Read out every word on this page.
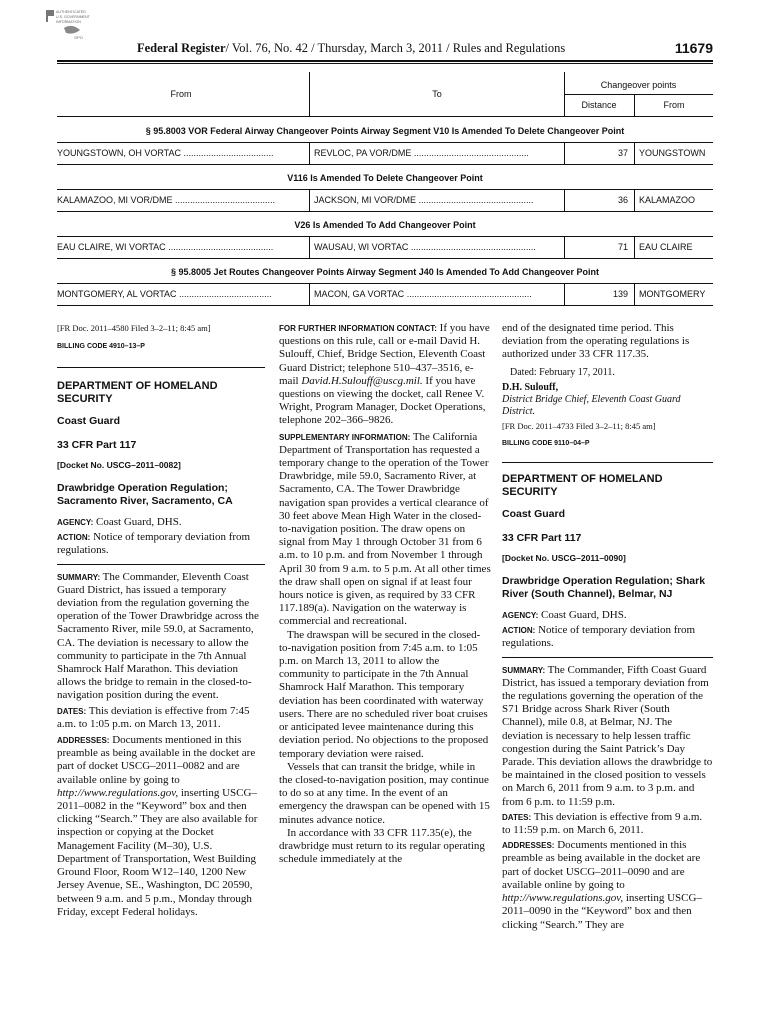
AUTHENTICATED
U.S. GOVERNMENT
INFORMATION
GPO
Federal Register/ Vol. 76, No. 42 / Thursday, March 3, 2011 / Rules and Regulations	11679
From	To
Changeover points
Distance	From
§ 95.8003 VOR Federal Airway Changeover Points Airway Segment V10 Is Amended To Delete Changeover Point
YOUNGSTOWN, OH VORTAC ....................................	REVLOC, PA VOR/DME ..............................................	37 YOUNGSTOWN
V116 Is Amended To Delete Changeover Point
KALAMAZOO, MI VOR/DME ........................................	JACKSON, MI VOR/DME ..............................................	36 KALAMAZOO
V26 Is Amended To Add Changeover Point
EAU CLAIRE, WI VORTAC ..........................................	WAUSAU, WI VORTAC ..................................................	71 EAU CLAIRE
§ 95.8005 Jet Routes Changeover Points Airway Segment J40 Is Amended To Add Changeover Point
MONTGOMERY, AL VORTAC .....................................	MACON, GA VORTAC ..................................................	139 MONTGOMERY

[FR Doc. 2011–4580 Filed 3–2–11; 8:45 am]

BILLING CODE 4910–13–P

DEPARTMENT OF HOMELAND SECURITY

Coast Guard

33 CFR Part 117

[Docket No. USCG–2011–0082]

Drawbridge Operation Regulation; Sacramento River, Sacramento, CA

AGENCY: Coast Guard, DHS.

ACTION: Notice of temporary deviation from regulations.

SUMMARY: The Commander, Eleventh Coast Guard District, has issued a temporary deviation from the regulation governing the operation of the Tower Drawbridge across the Sacramento River, mile 59.0, at Sacramento, CA. The deviation is necessary to allow the community to participate in the 7th Annual Shamrock Half Marathon. This deviation allows the bridge to remain in the closed-to-navigation position during the event.

DATES: This deviation is effective from 7:45 a.m. to 1:05 p.m. on March 13, 2011.

ADDRESSES: Documents mentioned in this preamble as being available in the docket are part of docket USCG–2011–0082 and are available online by going to http://www.regulations.gov, inserting USCG–2011–0082 in the “Keyword” box and then clicking “Search.” They are also available for inspection or copying at the Docket Management Facility (M–30), U.S. Department of Transportation, West Building Ground Floor, Room W12–140, 1200 New Jersey Avenue, SE., Washington, DC 20590, between 9 a.m. and 5 p.m., Monday through Friday, except Federal holidays.

FOR FURTHER INFORMATION CONTACT: If you have questions on this rule, call or e-mail David H. Sulouff, Chief, Bridge Section, Eleventh Coast Guard District; telephone 510–437–3516, e-mail David.H.Sulouff@uscg.mil. If you have questions on viewing the docket, call Renee V. Wright, Program Manager, Docket Operations, telephone 202–366–9826.

SUPPLEMENTARY INFORMATION: The California Department of Transportation has requested a temporary change to the operation of the Tower Drawbridge, mile 59.0, Sacramento River, at Sacramento, CA. The Tower Drawbridge navigation span provides a vertical clearance of 30 feet above Mean High Water in the closed-to-navigation position. The draw opens on signal from May 1 through October 31 from 6 a.m. to 10 p.m. and from November 1 through April 30 from 9 a.m. to 5 p.m. At all other times the draw shall open on signal if at least four hours notice is given, as required by 33 CFR 117.189(a). Navigation on the waterway is commercial and recreational.

The drawspan will be secured in the closed-to-navigation position from 7:45 a.m. to 1:05 p.m. on March 13, 2011 to allow the community to participate in the 7th Annual Shamrock Half Marathon. This temporary deviation has been coordinated with waterway users. There are no scheduled river boat cruises or anticipated levee maintenance during this deviation period. No objections to the proposed temporary deviation were raised.

Vessels that can transit the bridge, while in the closed-to-navigation position, may continue to do so at any time. In the event of an emergency the drawspan can be opened with 15 minutes advance notice.

In accordance with 33 CFR 117.35(e), the drawbridge must return to its regular operating schedule immediately at the

end of the designated time period. This deviation from the operating regulations is authorized under 33 CFR 117.35.

Dated: February 17, 2011.

D.H. Sulouff,

District Bridge Chief, Eleventh Coast Guard District.

[FR Doc. 2011–4733 Filed 3–2–11; 8:45 am]

BILLING CODE 9110–04–P

DEPARTMENT OF HOMELAND SECURITY

Coast Guard

33 CFR Part 117

[Docket No. USCG–2011–0090]

Drawbridge Operation Regulation; Shark River (South Channel), Belmar, NJ

AGENCY: Coast Guard, DHS.

ACTION: Notice of temporary deviation from regulations.

SUMMARY: The Commander, Fifth Coast Guard District, has issued a temporary deviation from the regulations governing the operation of the S71 Bridge across Shark River (South Channel), mile 0.8, at Belmar, NJ. The deviation is necessary to help lessen traffic congestion during the Saint Patrick’s Day Parade. This deviation allows the drawbridge to be maintained in the closed position to vessels on March 6, 2011 from 9 a.m. to 3 p.m. and from 6 p.m. to 11:59 p.m.

DATES: This deviation is effective from 9 a.m. to 11:59 p.m. on March 6, 2011.

ADDRESSES: Documents mentioned in this preamble as being available in the docket are part of docket USCG–2011–0090 and are available online by going to http://www.regulations.gov, inserting USCG–2011–0090 in the “Keyword” box and then clicking “Search.” They are
